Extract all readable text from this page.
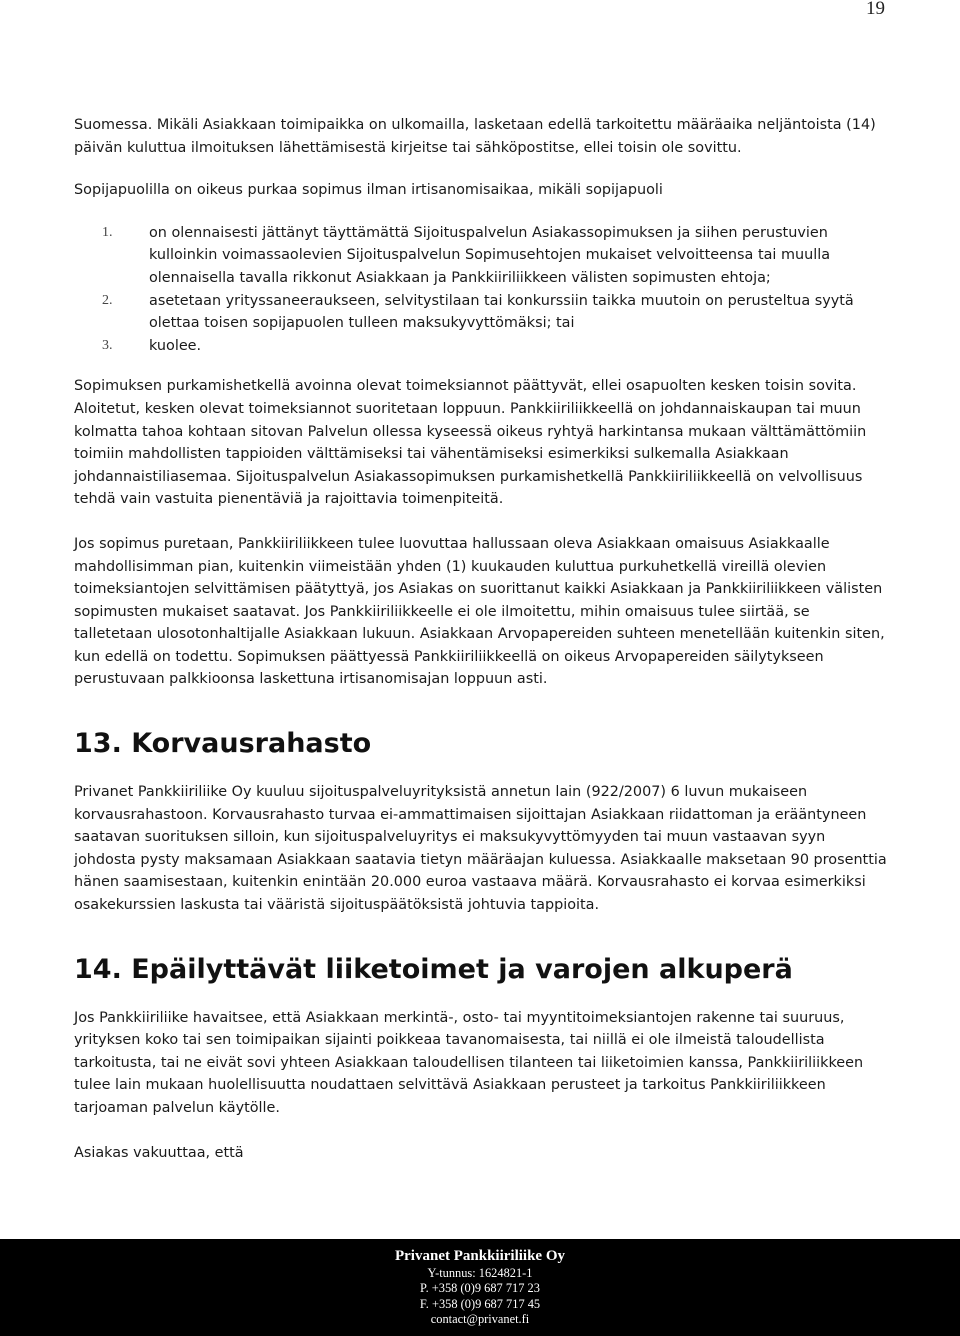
19

Suomessa. Mikäli Asiakkaan toimipaikka on ulkomailla, lasketaan edellä tarkoitettu määräaika neljäntoista (14) päivän kuluttua ilmoituksen lähettämisestä kirjeitse tai sähköpostitse, ellei toisin ole sovittu.

Sopijapuolilla on oikeus purkaa sopimus ilman irtisanomisaikaa, mikäli sopijapuoli

1.	on olennaisesti jättänyt täyttämättä Sijoituspalvelun Asiakassopimuksen ja siihen perustuvien kulloinkin voimassaolevien Sijoituspalvelun Sopimusehtojen mukaiset velvoitteensa tai muulla olennaisella tavalla rikkonut Asiakkaan ja Pankkiiriliikkeen välisten sopimusten ehtoja;
2.	asetetaan yrityssaneeraukseen, selvitystilaan tai konkurssiin taikka muutoin on perusteltua syytä olettaa toisen sopijapuolen tulleen maksukyvyttömäksi; tai
3.	kuolee.

Sopimuksen purkamishetkellä avoinna olevat toimeksiannot päättyvät, ellei osapuolten kesken toisin sovita. Aloitetut, kesken olevat toimeksiannot suoritetaan loppuun. Pankkiiriliikkeellä on johdannaiskaupan tai muun kolmatta tahoa kohtaan sitovan Palvelun ollessa kyseessä oikeus ryhtyä harkintansa mukaan välttämättömiin toimiin mahdollisten tappioiden välttämiseksi tai vähentämiseksi esimerkiksi sulkemalla Asiakkaan johdannaistiliasemaa. Sijoituspalvelun Asiakassopimuksen purkamishetkellä Pankkiiriliikkeellä on velvollisuus tehdä vain vastuita pienentäviä ja rajoittavia toimenpiteitä.

Jos sopimus puretaan, Pankkiiriliikkeen tulee luovuttaa hallussaan oleva Asiakkaan omaisuus Asiakkaalle mahdollisimman pian, kuitenkin viimeistään yhden (1) kuukauden kuluttua purkuhetkellä vireillä olevien toimeksiantojen selvittämisen päätyttyä, jos Asiakas on suorittanut kaikki Asiakkaan ja Pankkiiriliikkeen välisten sopimusten mukaiset saatavat. Jos Pankkiiriliikkeelle ei ole ilmoitettu, mihin omaisuus tulee siirtää, se talletetaan ulosotonhaltijalle Asiakkaan lukuun. Asiakkaan Arvopapereiden suhteen menetellään kuitenkin siten, kun edellä on todettu. Sopimuksen päättyessä Pankkiiriliikkeellä on oikeus Arvopapereiden säilytykseen perustuvaan palkkioonsa laskettuna irtisanomisajan loppuun asti.

13. Korvausrahasto

Privanet Pankkiiriliike Oy kuuluu sijoituspalveluyrityksistä annetun lain (922/2007) 6 luvun mukaiseen korvausrahastoon. Korvausrahasto turvaa ei-ammattimaisen sijoittajan Asiakkaan riidattoman ja erääntyneen saatavan suorituksen silloin, kun sijoituspalveluyritys ei maksukyvyttömyyden tai muun vastaavan syyn johdosta pysty maksamaan Asiakkaan saatavia tietyn määräajan kuluessa. Asiakkaalle maksetaan 90 prosenttia hänen saamisestaan, kuitenkin enintään 20.000 euroa vastaava määrä. Korvausrahasto ei korvaa esimerkiksi osakekurssien laskusta tai vääristä sijoituspäätöksistä johtuvia tappioita.

14. Epäilyttävät liiketoimet ja varojen alkuperä

Jos Pankkiiriliike havaitsee, että Asiakkaan merkintä-, osto- tai myyntitoimeksiantojen rakenne tai suuruus, yrityksen koko tai sen toimipaikan sijainti poikkeaa tavanomaisesta, tai niillä ei ole ilmeistä taloudellista tarkoitusta, tai ne eivät sovi yhteen Asiakkaan taloudellisen tilanteen tai liiketoimien kanssa, Pankkiiriliikkeen tulee lain mukaan huolellisuutta noudattaen selvittävä Asiakkaan perusteet ja tarkoitus Pankkiiriliikkeen tarjoaman palvelun käytölle.

Asiakas vakuuttaa, että

Privanet Pankkiiriliike Oy
Y-tunnus: 1624821-1
P. +358 (0)9 687 717 23
F. +358 (0)9 687 717 45
contact@privanet.fi
